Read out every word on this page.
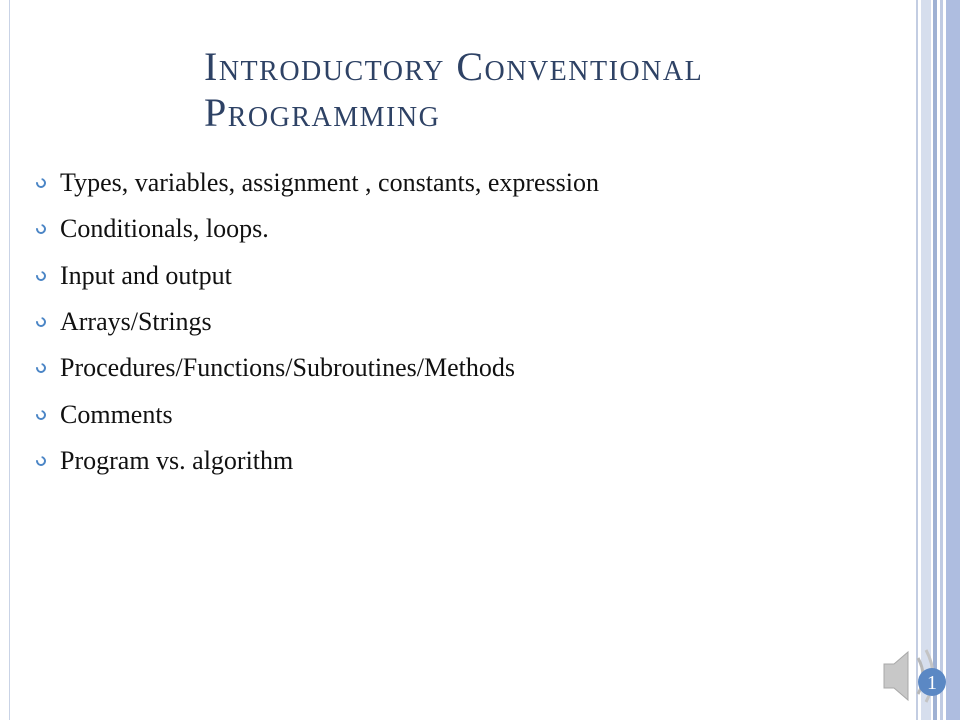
Introductory Conventional
Programming
Types, variables, assignment , constants, expression
Conditionals, loops.
Input and output
Arrays/Strings
Procedures/Functions/Subroutines/Methods
Comments
Program vs. algorithm
1
